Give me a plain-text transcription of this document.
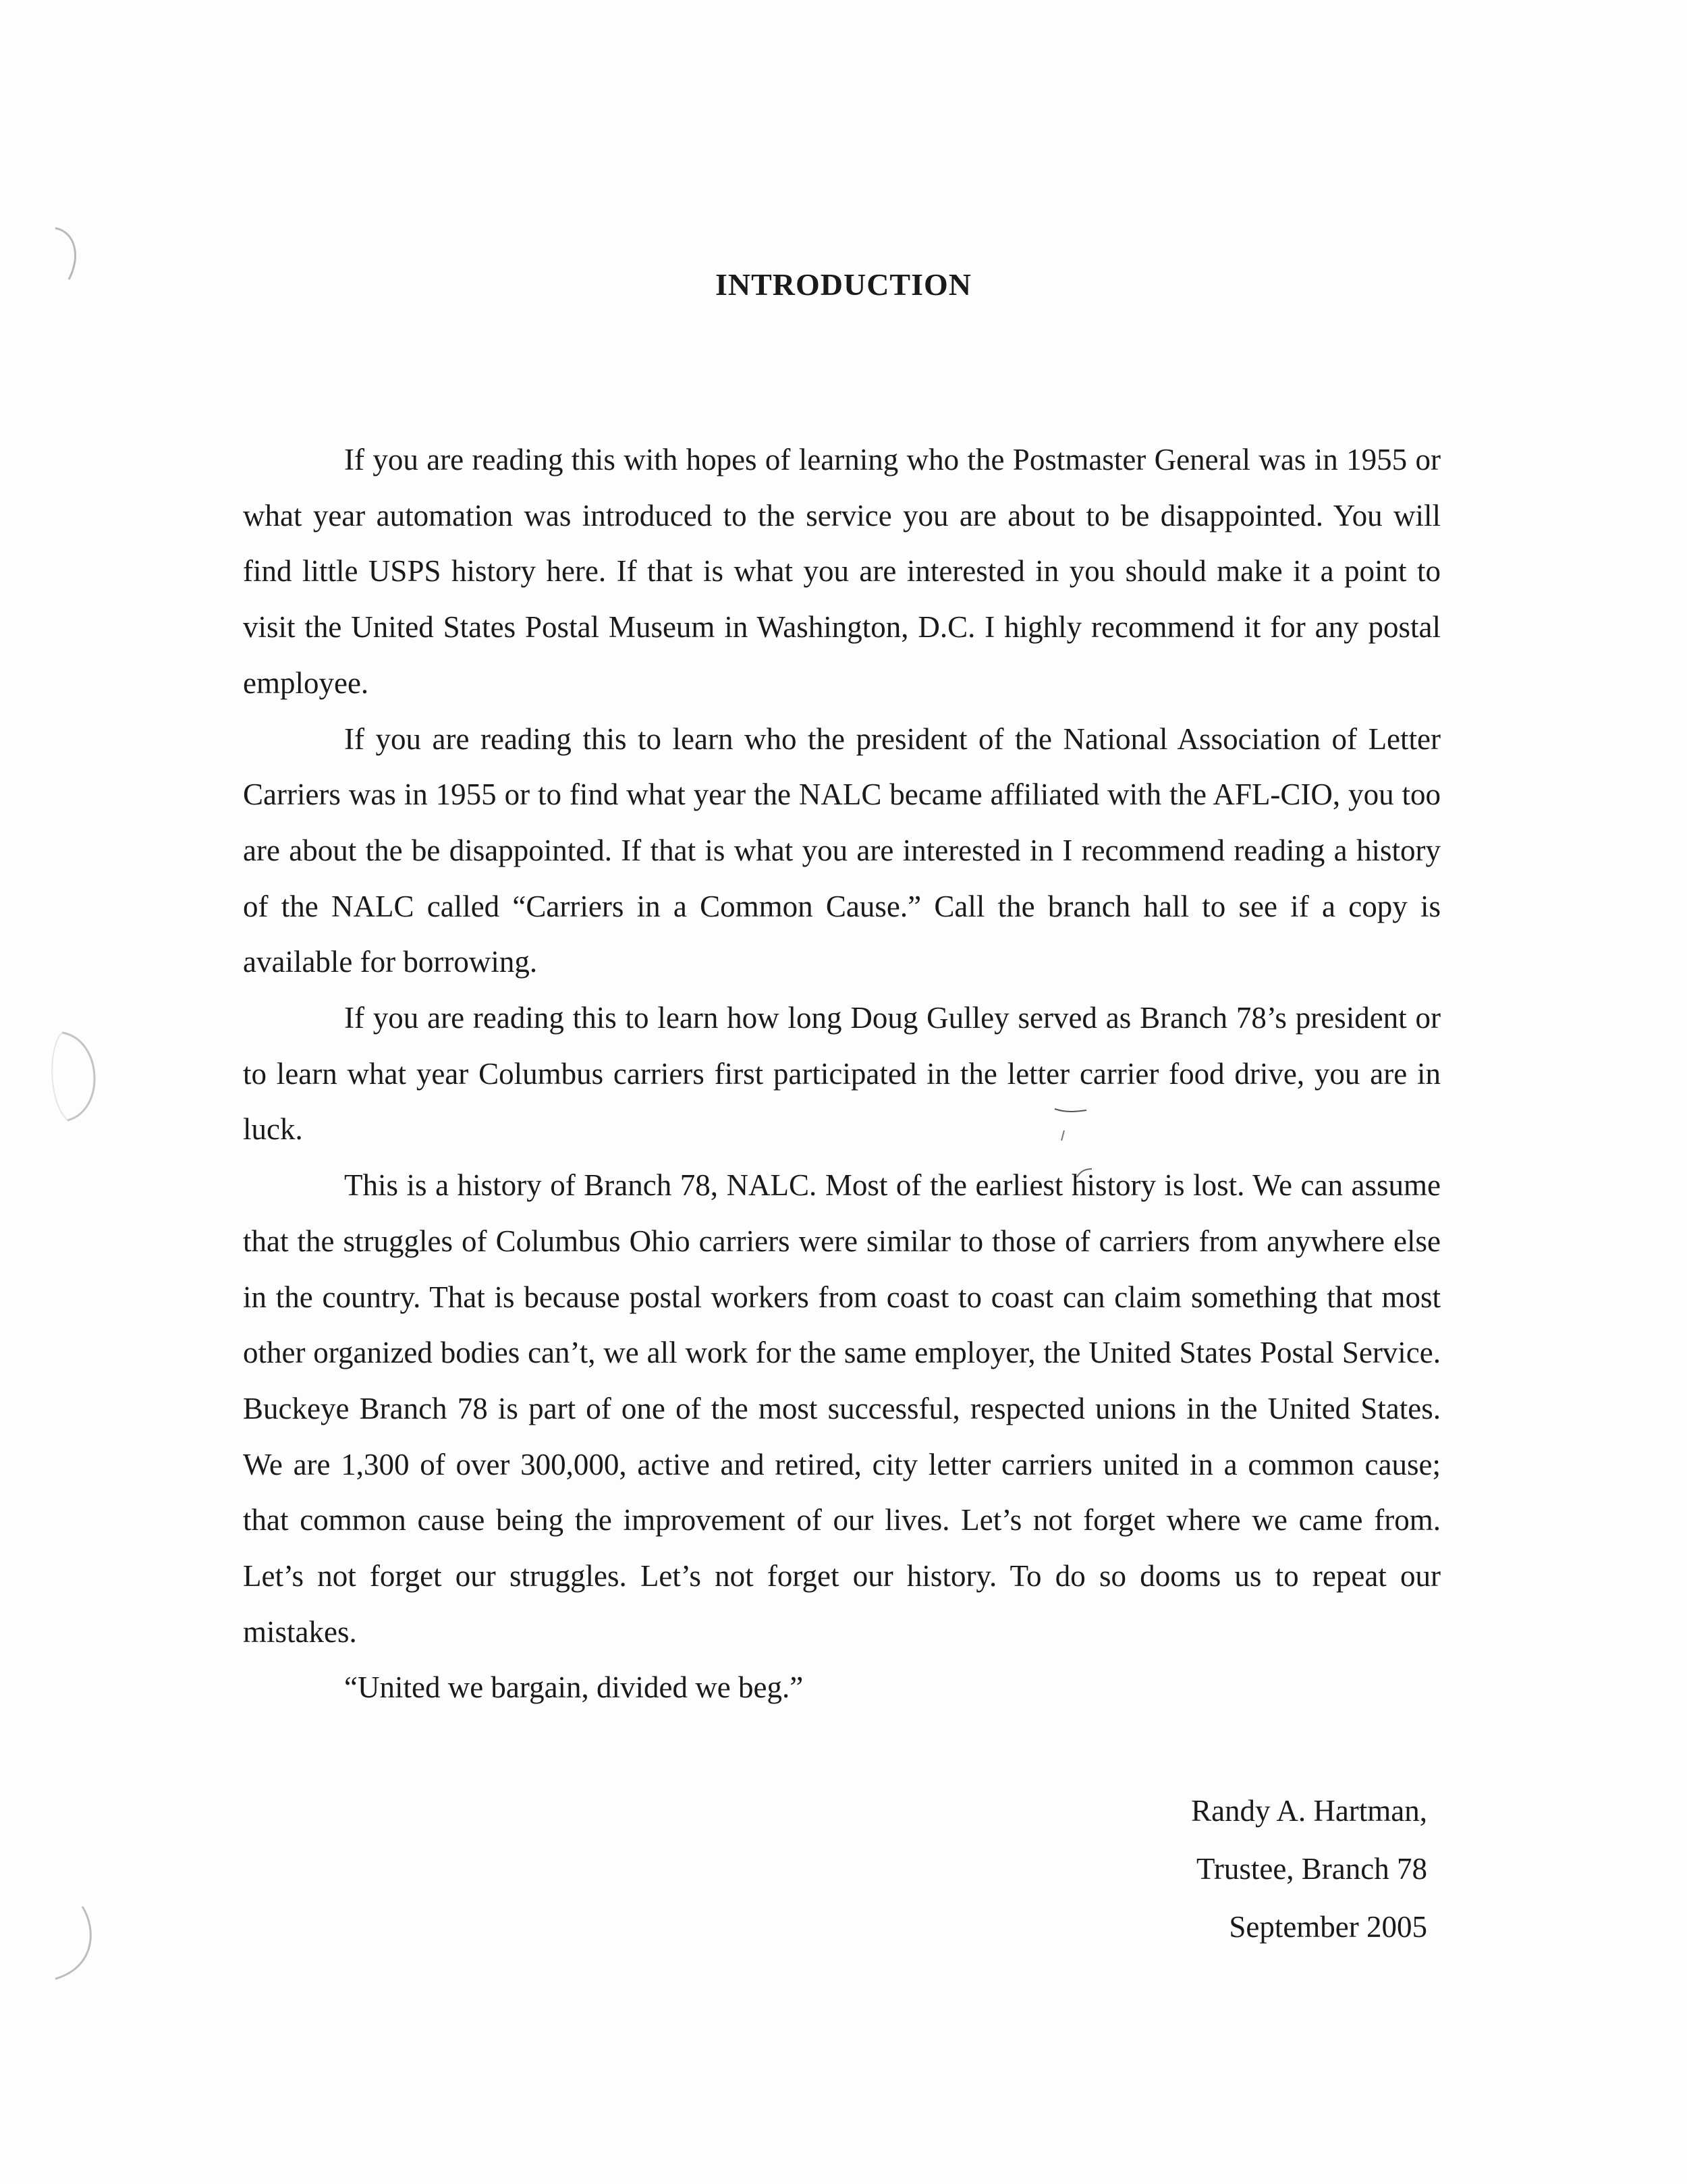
INTRODUCTION

If you are reading this with hopes of learning who the Postmaster General was in 1955 or what year automation was introduced to the service you are about to be disappointed. You will find little USPS history here. If that is what you are interested in you should make it a point to visit the United States Postal Museum in Washington, D.C. I highly recommend it for any postal employee.

If you are reading this to learn who the president of the National Association of Letter Carriers was in 1955 or to find what year the NALC became affiliated with the AFL-CIO, you too are about the be disappointed. If that is what you are interested in I recommend reading a history of the NALC called “Carriers in a Common Cause.” Call the branch hall to see if a copy is available for borrowing.

If you are reading this to learn how long Doug Gulley served as Branch 78’s president or to learn what year Columbus carriers first participated in the letter carrier food drive, you are in luck.

This is a history of Branch 78, NALC. Most of the earliest history is lost. We can assume that the struggles of Columbus Ohio carriers were similar to those of carriers from anywhere else in the country. That is because postal workers from coast to coast can claim something that most other organized bodies can’t, we all work for the same employer, the United States Postal Service. Buckeye Branch 78 is part of one of the most successful, respected unions in the United States. We are 1,300 of over 300,000, active and retired, city letter carriers united in a common cause; that common cause being the improvement of our lives. Let’s not forget where we came from. Let’s not forget our struggles. Let’s not forget our history. To do so dooms us to repeat our mistakes.

“United we bargain, divided we beg.”

Randy A. Hartman,
Trustee, Branch 78
September 2005
